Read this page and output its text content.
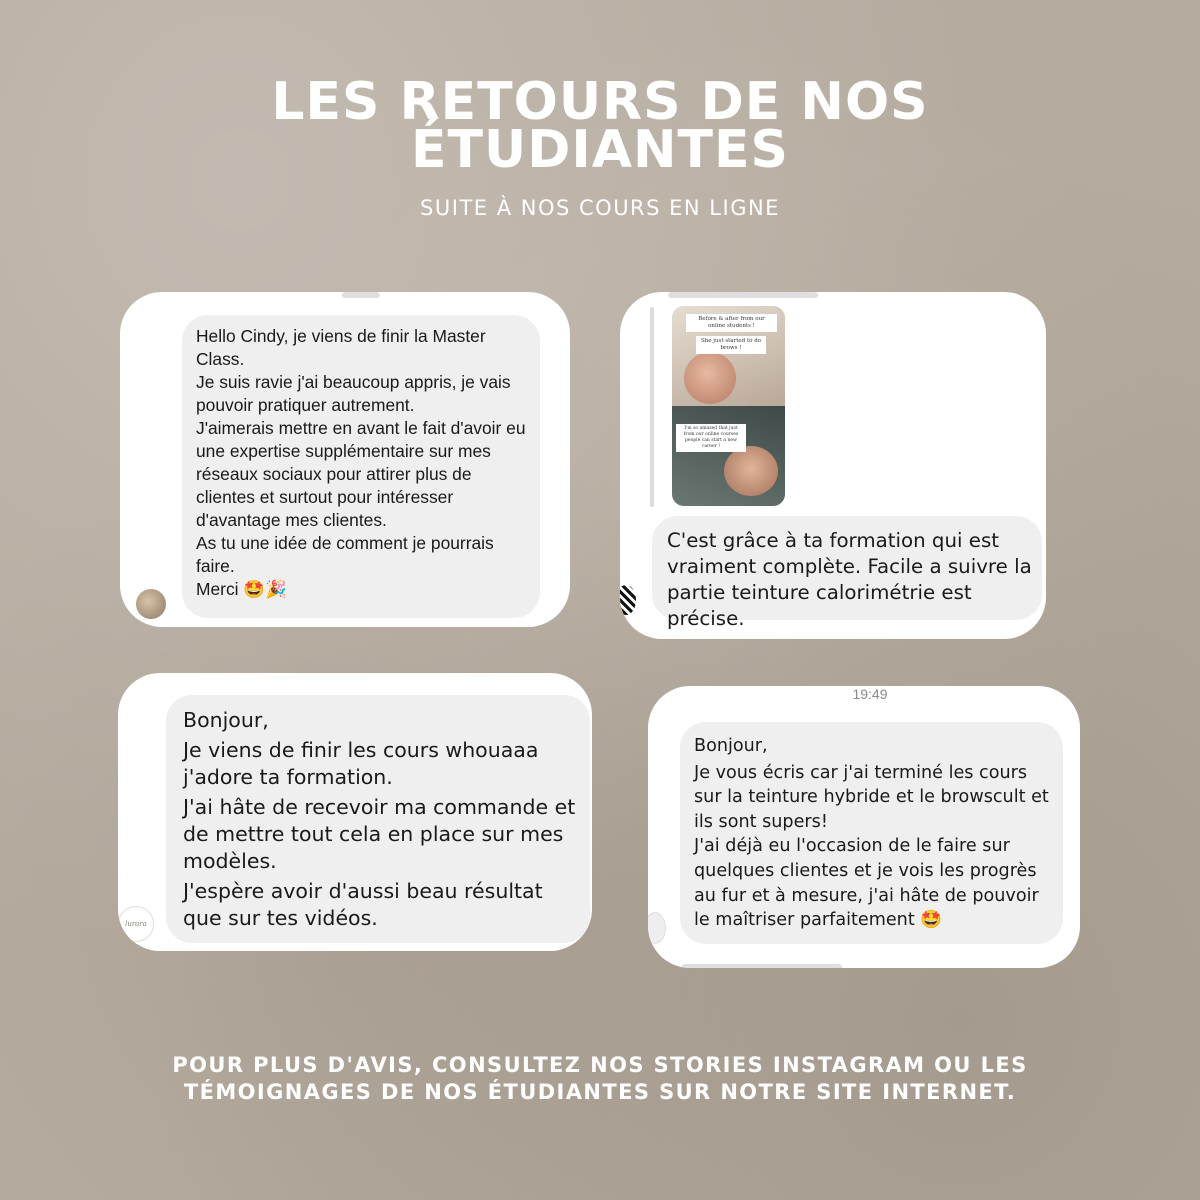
LES RETOURS DE NOS
ÉTUDIANTES
SUITE À NOS COURS EN LIGNE

Hello Cindy, je viens de finir la Master Class.

Je suis ravie j'ai beaucoup appris, je vais pouvoir pratiquer autrement.

J'aimerais mettre en avant le fait d'avoir eu une expertise supplémentaire sur mes réseaux sociaux pour attirer plus de clientes et surtout pour intéresser d'avantage mes clientes.

As tu une idée de comment je pourrais faire.

Merci 🤩🎉

Before & after from our online students !
She just started to do brows !
I'm so amazed that just from our online courses people can start a new career !

C'est grâce à ta formation qui est vraiment complète. Facile a suivre la partie teinture calorimétrie est précise.

lurara

Bonjour,

Je viens de finir les cours whouaaa j'adore ta formation.

J'ai hâte de recevoir ma commande et de mettre tout cela en place sur mes modèles.

J'espère avoir d'aussi beau résultat que sur tes vidéos.

19:49

Bonjour,

Je vous écris car j'ai terminé les cours sur la teinture hybride et le browscult et ils sont supers!

J'ai déjà eu l'occasion de le faire sur quelques clientes et je vois les progrès au fur et à mesure, j'ai hâte de pouvoir le maîtriser parfaitement 🤩

POUR PLUS D'AVIS, CONSULTEZ NOS STORIES INSTAGRAM OU LES

TÉMOIGNAGES DE NOS ÉTUDIANTES SUR NOTRE SITE INTERNET.
